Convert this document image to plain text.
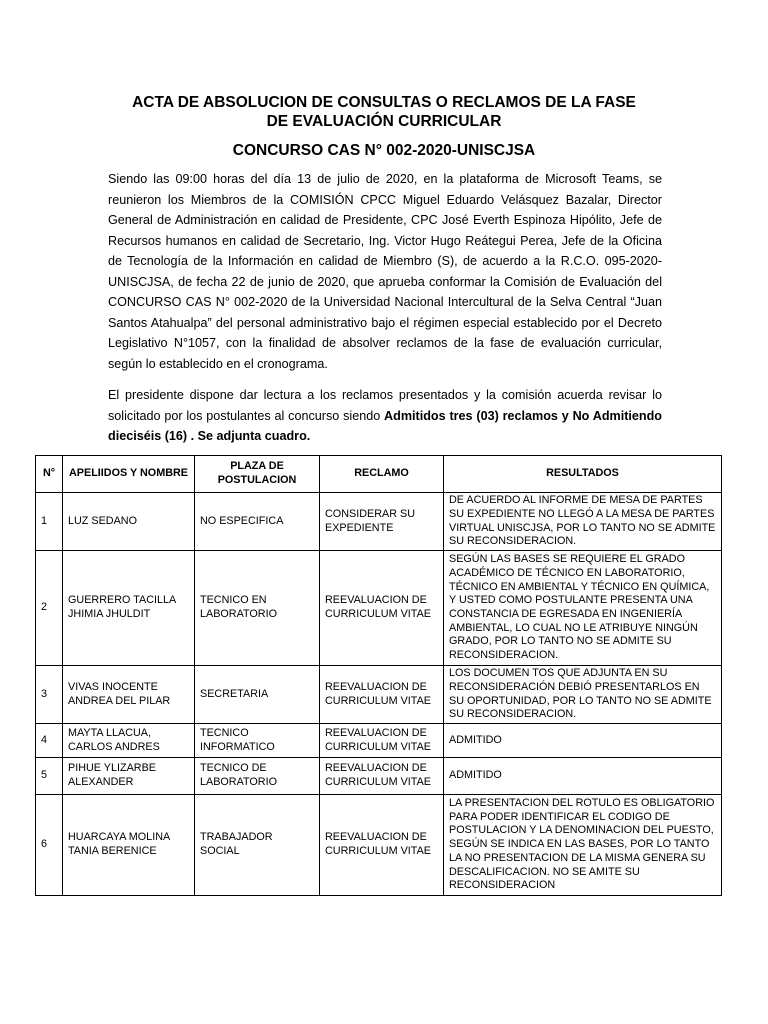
ACTA DE ABSOLUCION DE CONSULTAS O RECLAMOS DE LA FASE
DE EVALUACIÓN CURRICULAR
CONCURSO CAS N° 002-2020-UNISCJSA
Siendo las 09:00 horas del día 13 de julio de 2020, en la plataforma de Microsoft Teams, se reunieron los Miembros de la COMISIÓN CPCC Miguel Eduardo Velásquez Bazalar, Director General de Administración en calidad de Presidente, CPC José Everth Espinoza Hipólito, Jefe de Recursos humanos en calidad de Secretario, Ing. Victor Hugo Reátegui Perea, Jefe de la Oficina de Tecnología de la Información en calidad de Miembro (S), de acuerdo a la R.C.O. 095-2020-UNISCJSA, de fecha 22 de junio de 2020, que aprueba conformar la Comisión de Evaluación del CONCURSO CAS N° 002-2020 de la Universidad Nacional Intercultural de la Selva Central “Juan Santos Atahualpa” del personal administrativo bajo el régimen especial establecido por el Decreto Legislativo N°1057, con la finalidad de absolver reclamos de la fase de evaluación curricular, según lo establecido en el cronograma.
El presidente dispone dar lectura a los reclamos presentados y la comisión acuerda revisar lo solicitado por los postulantes al concurso siendo Admitidos tres (03) reclamos y No Admitiendo dieciséis (16) . Se adjunta cuadro.
N°	APELIIDOS Y NOMBRE	PLAZA DE POSTULACION	RECLAMO	RESULTADOS
1	LUZ SEDANO	NO ESPECIFICA	CONSIDERAR SU EXPEDIENTE	DE ACUERDO AL INFORME DE MESA DE PARTES SU EXPEDIENTE NO LLEGÓ A LA MESA DE PARTES VIRTUAL UNISCJSA, POR LO TANTO NO SE ADMITE SU RECONSIDERACION.
2	GUERRERO TACILLA JHIMIA JHULDIT	TECNICO EN LABORATORIO	REEVALUACION DE CURRICULUM VITAE	SEGÚN LAS BASES SE REQUIERE EL GRADO ACADÉMICO DE TÉCNICO EN LABORATORIO, TÉCNICO EN AMBIENTAL Y TÉCNICO EN QUÍMICA, Y USTED COMO POSTULANTE PRESENTA UNA CONSTANCIA DE EGRESADA EN INGENIERÍA AMBIENTAL, LO CUAL NO LE ATRIBUYE NINGÚN GRADO, POR LO TANTO NO SE ADMITE SU RECONSIDERACION.
3	VIVAS INOCENTE ANDREA DEL PILAR	SECRETARIA	REEVALUACION DE CURRICULUM VITAE	LOS DOCUMEN TOS QUE ADJUNTA EN SU RECONSIDERACIÓN DEBIÓ PRESENTARLOS EN SU OPORTUNIDAD, POR LO TANTO NO SE ADMITE SU RECONSIDERACION.
4	MAYTA LLACUA, CARLOS ANDRES	TECNICO INFORMATICO	REEVALUACION DE CURRICULUM VITAE	ADMITIDO
5	PIHUE YLIZARBE ALEXANDER	TECNICO DE LABORATORIO	REEVALUACION DE CURRICULUM VITAE	ADMITIDO
6	HUARCAYA MOLINA TANIA BERENICE	TRABAJADOR SOCIAL	REEVALUACION DE CURRICULUM VITAE	LA PRESENTACION DEL ROTULO ES OBLIGATORIO PARA PODER IDENTIFICAR EL CODIGO DE POSTULACION Y LA DENOMINACION DEL PUESTO, SEGÚN SE INDICA EN LAS BASES, POR LO TANTO LA NO PRESENTACION DE LA MISMA GENERA SU DESCALIFICACION. NO SE AMITE SU RECONSIDERACION
